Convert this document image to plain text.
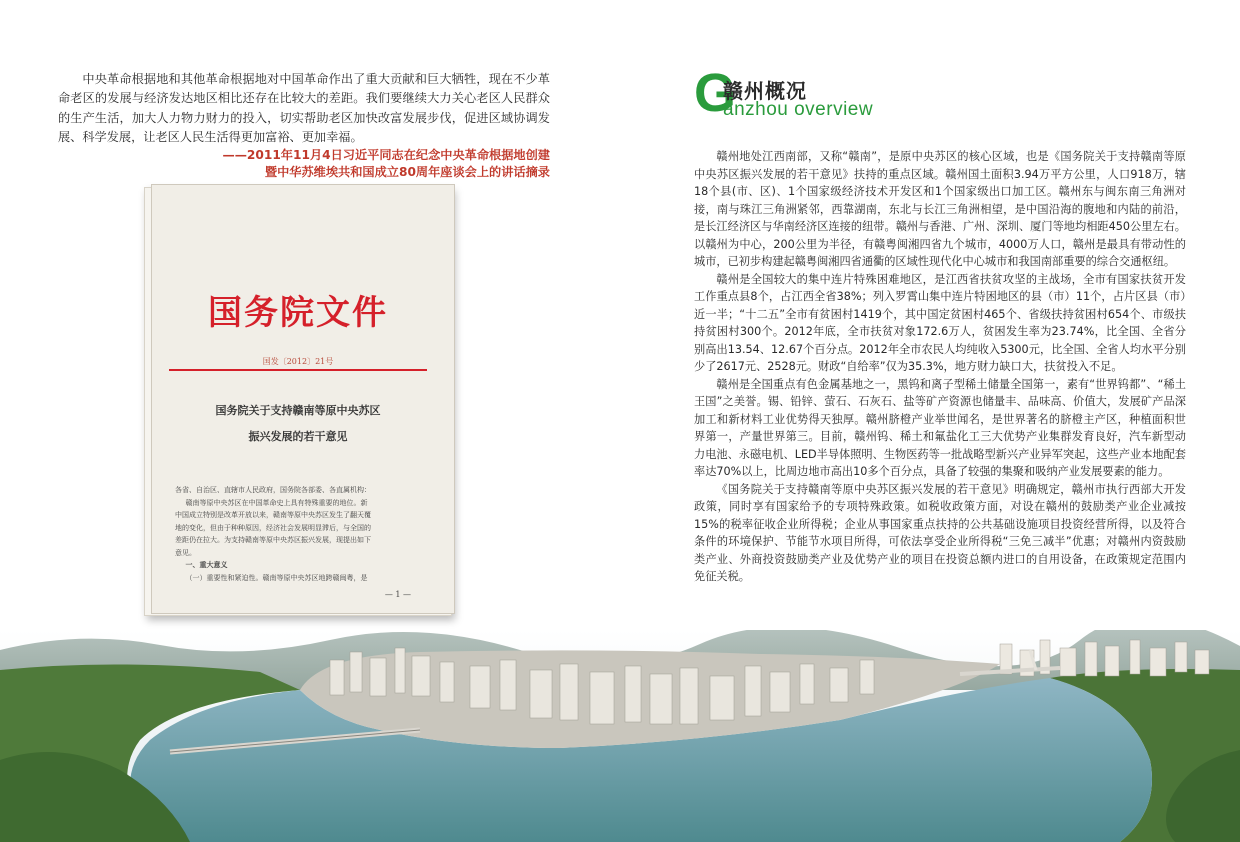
中央革命根据地和其他革命根据地对中国革命作出了重大贡献和巨大牺牲，现在不少革命老区的发展与经济发达地区相比还存在比较大的差距。我们要继续大力关心老区人民群众的生产生活，加大人力物力财力的投入，切实帮助老区加快改富发展步伐，促进区域协调发展、科学发展，让老区人民生活得更加富裕、更加幸福。

——2011年11月4日习近平同志在纪念中央革命根据地创建
暨中华苏维埃共和国成立80周年座谈会上的讲话摘录
国务院文件
国发〔2012〕21号
国务院关于支持赣南等原中央苏区
振兴发展的若干意见

各省、自治区、直辖市人民政府，国务院各部委、各直属机构：

赣南等原中央苏区在中国革命史上具有特殊重要的地位。新

中国成立特别是改革开放以来，赣南等原中央苏区发生了翻天覆

地的变化，但由于种种原因，经济社会发展明显滞后，与全国的

差距仍在拉大。为支持赣南等原中央苏区振兴发展，现提出如下

意见。

一、重大意义

（一）重要性和紧迫性。赣南等原中央苏区地跨赣闽粤，是

— 1 —
G
赣州概况
anzhou overview

赣州地处江西南部，又称“赣南”，是原中央苏区的核心区域，也是《国务院关于支持赣南等原中央苏区振兴发展的若干意见》扶持的重点区域。赣州国土面积3.94万平方公里，人口918万，辖18个县(市、区)、1个国家级经济技术开发区和1个国家级出口加工区。赣州东与闽东南三角洲对接，南与珠江三角洲紧邻，西靠湖南，东北与长江三角洲相望，是中国沿海的腹地和内陆的前沿，是长江经济区与华南经济区连接的纽带。赣州与香港、广州、深圳、厦门等地均相距450公里左右。以赣州为中心，200公里为半径，有赣粤闽湘四省九个城市，4000万人口，赣州是最具有带动性的城市，已初步构建起赣粤闽湘四省通衢的区域性现代化中心城市和我国南部重要的综合交通枢纽。

赣州是全国较大的集中连片特殊困难地区，是江西省扶贫攻坚的主战场，全市有国家扶贫开发工作重点县8个，占江西全省38%；列入罗霄山集中连片特困地区的县（市）11个，占片区县（市）近一半；“十二五”全市有贫困村1419个，其中国定贫困村465个、省级扶持贫困村654个、市级扶持贫困村300个。2012年底，全市扶贫对象172.6万人，贫困发生率为23.74%，比全国、全省分别高出13.54、12.67个百分点。2012年全市农民人均纯收入5300元，比全国、全省人均水平分别少了2617元、2528元。财政“自给率”仅为35.3%，地方财力缺口大，扶贫投入不足。

赣州是全国重点有色金属基地之一，黑钨和离子型稀土储量全国第一，素有“世界钨都”、“稀土王国”之美誉。锡、铅锌、萤石、石灰石、盐等矿产资源也储量丰、品味高、价值大，发展矿产品深加工和新材料工业优势得天独厚。赣州脐橙产业举世闻名，是世界著名的脐橙主产区，种植面积世界第一，产量世界第三。目前，赣州钨、稀土和氟盐化工三大优势产业集群发育良好，汽车新型动力电池、永磁电机、LED半导体照明、生物医药等一批战略型新兴产业异军突起，这些产业本地配套率达70%以上，比周边地市高出10多个百分点，具备了较强的集聚和吸纳产业发展要素的能力。

《国务院关于支持赣南等原中央苏区振兴发展的若干意见》明确规定，赣州市执行西部大开发政策，同时享有国家给予的专项特殊政策。如税收政策方面，对设在赣州的鼓励类产业企业减按15%的税率征收企业所得税；企业从事国家重点扶持的公共基础设施项目投资经营所得，以及符合条件的环境保护、节能节水项目所得，可依法享受企业所得税“三免三减半”优惠；对赣州内资鼓励类产业、外商投资鼓励类产业及优势产业的项目在投资总额内进口的自用设备，在政策规定范围内免征关税。
